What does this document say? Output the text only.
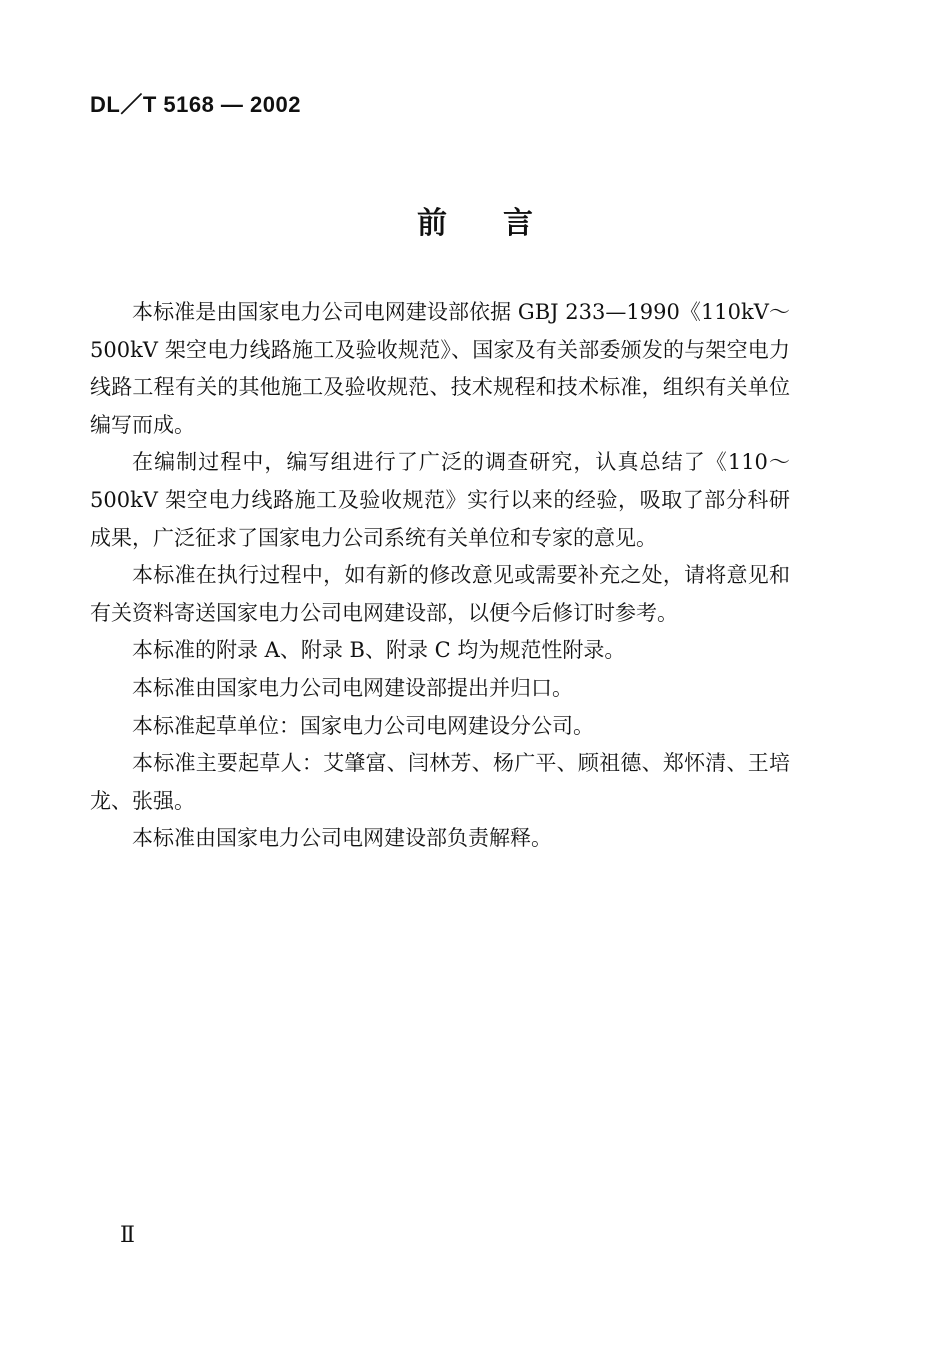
DL／T 5168 — 2002
前言

本标准是由国家电力公司电网建设部依据 GBJ 233—1990《110kV～500kV 架空电力线路施工及验收规范》、国家及有关部委颁发的与架空电力线路工程有关的其他施工及验收规范、技术规程和技术标准，组织有关单位编写而成。

在编制过程中，编写组进行了广泛的调查研究，认真总结了《110～500kV 架空电力线路施工及验收规范》实行以来的经验，吸取了部分科研成果，广泛征求了国家电力公司系统有关单位和专家的意见。

本标准在执行过程中，如有新的修改意见或需要补充之处，请将意见和有关资料寄送国家电力公司电网建设部，以便今后修订时参考。

本标准的附录 A、附录 B、附录 C 均为规范性附录。

本标准由国家电力公司电网建设部提出并归口。

本标准起草单位：国家电力公司电网建设分公司。

本标准主要起草人：艾肇富、闫林芳、杨广平、顾祖德、郑怀清、王培龙、张强。

本标准由国家电力公司电网建设部负责解释。

Ⅱ
